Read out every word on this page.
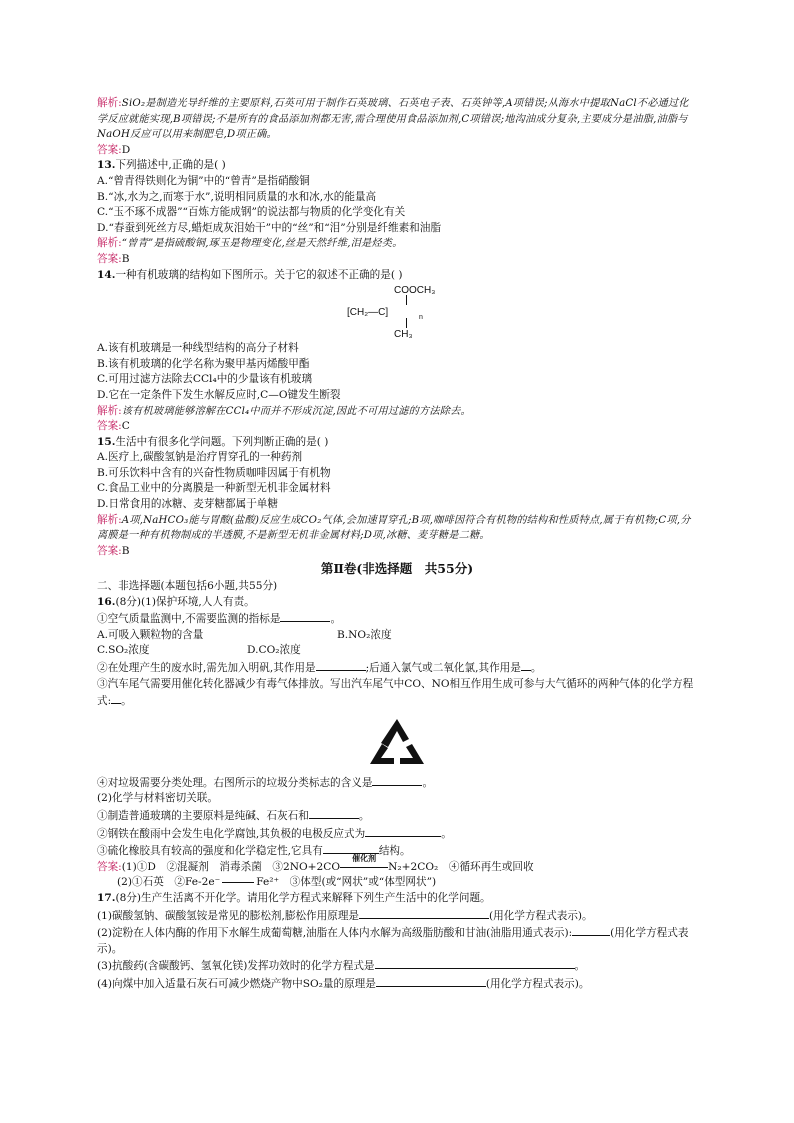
解析:SiO₂是制造光导纤维的主要原料,石英可用于制作石英玻璃、石英电子表、石英钟等,A项错误;从海水中提取NaCl不必通过化学反应就能实现,B项错误;不是所有的食品添加剂都无害,需合理使用食品添加剂,C项错误;地沟油成分复杂,主要成分是油脂,油脂与NaOH反应可以用来制肥皂,D项正确。

答案:D

13.下列描述中,正确的是( )

A.“曾青得铁则化为铜”中的“曾青”是指硝酸铜

B.“冰,水为之,而寒于水”,说明相同质量的水和冰,水的能量高

C.“玉不琢不成器”“百炼方能成钢”的说法都与物质的化学变化有关

D.“春蚕到死丝方尽,蜡炬成灰泪始干”中的“丝”和“泪”分别是纤维素和油脂

解析:“曾青”是指硫酸铜,琢玉是物理变化,丝是天然纤维,泪是烃类。

答案:B

14.一种有机玻璃的结构如下图所示。关于它的叙述不正确的是( )

COOCH₃
[CH₂—C]	n
CH₃

A.该有机玻璃是一种线型结构的高分子材料

B.该有机玻璃的化学名称为聚甲基丙烯酸甲酯

C.可用过滤方法除去CCl₄中的少量该有机玻璃

D.它在一定条件下发生水解反应时,C—O键发生断裂

解析:该有机玻璃能够溶解在CCl₄中而并不形成沉淀,因此不可用过滤的方法除去。

答案:C

15.生活中有很多化学问题。下列判断正确的是( )

A.医疗上,碳酸氢钠是治疗胃穿孔的一种药剂

B.可乐饮料中含有的兴奋性物质咖啡因属于有机物

C.食品工业中的分离膜是一种新型无机非金属材料

D.日常食用的冰糖、麦芽糖都属于单糖

解析:A项,NaHCO₃能与胃酸(盐酸)反应生成CO₂气体,会加速胃穿孔;B项,咖啡因符合有机物的结构和性质特点,属于有机物;C项,分离膜是一种有机物制成的半透膜,不是新型无机非金属材料;D项,冰糖、麦芽糖是二糖。

答案:B

第Ⅱ卷(非选择题　共55分)

二、非选择题(本题包括6小题,共55分)

16.(8分)(1)保护环境,人人有责。

①空气质量监测中,不需要监测的指标是	。

A.可吸入颗粒物的含量	B.NO₂浓度
C.SO₂浓度	D.CO₂浓度

②在处理产生的废水时,需先加入明矾,其作用是	;后通入氯气或二氧化氯,其作用是 。

③汽车尾气需要用催化转化器减少有毒气体排放。写出汽车尾气中CO、NO相互作用生成可参与大气循环的两种气体的化学方程式: 。

④对垃圾需要分类处理。右图所示的垃圾分类标志的含义是	。

(2)化学与材料密切关联。

①制造普通玻璃的主要原料是纯碱、石灰石和	。

②钢铁在酸雨中会发生电化学腐蚀,其负极的电极反应式为	。

③硫化橡胶具有较高的强度和化学稳定性,它具有	结构。

答案:(1)①D　②混凝剂　消毒杀菌　③2NO+2CO
催化剂
N₂+2CO₂　④循环再生或回收

(2)①石英　②Fe-2e⁻	Fe²⁺　③体型(或“网状”或“体型网状”)

17.(8分)生产生活离不开化学。请用化学方程式来解释下列生产生活中的化学问题。

(1)碳酸氢钠、碳酸氢铵是常见的膨松剂,膨松作用原理是	(用化学方程式表示)。

(2)淀粉在人体内酶的作用下水解生成葡萄糖,油脂在人体内水解为高级脂肪酸和甘油(油脂用通式表示):	(用化学方程式表示)。

(3)抗酸药(含碳酸钙、氢氧化镁)发挥功效时的化学方程式是	。

(4)向煤中加入适量石灰石可减少燃烧产物中SO₂量的原理是	(用化学方程式表示)。
